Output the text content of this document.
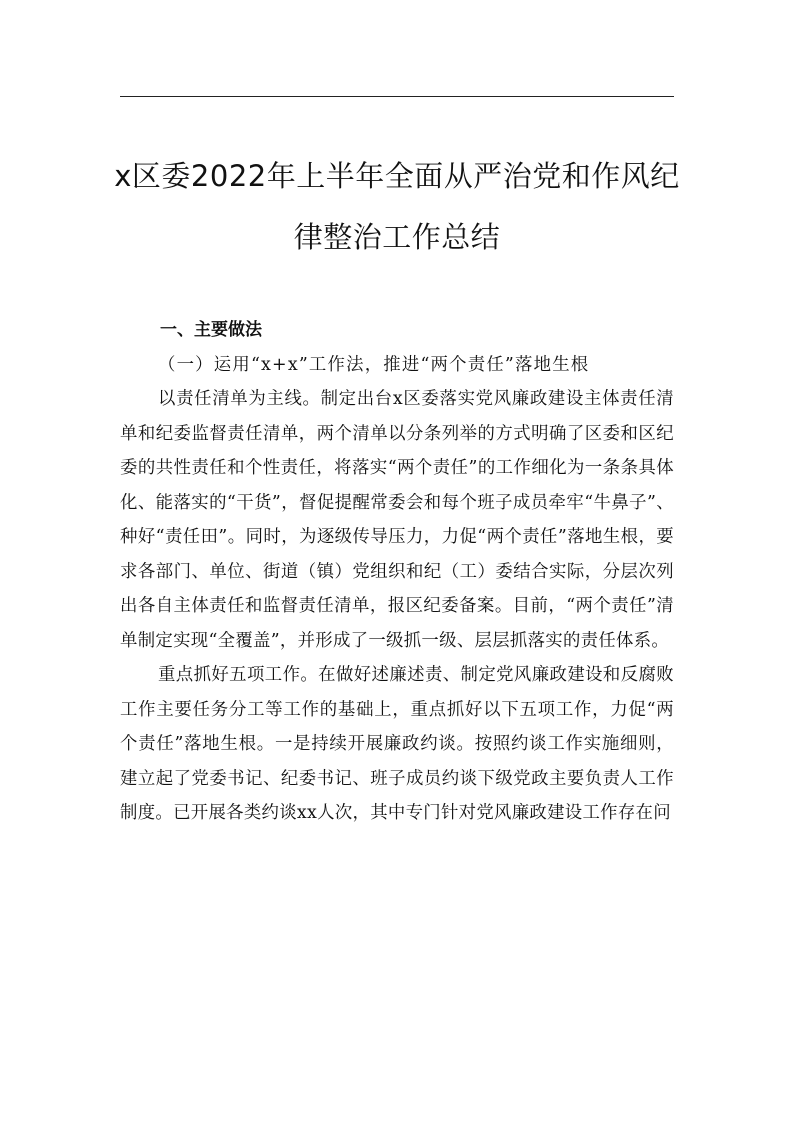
x区委2022年上半年全面从严治党和作风纪
律整治工作总结
一、主要做法

（一）运用“x+x”工作法，推进“两个责任”落地生根

以责任清单为主线。制定出台x区委落实党风廉政建设主体责任清单和纪委监督责任清单，两个清单以分条列举的方式明确了区委和区纪委的共性责任和个性责任，将落实“两个责任”的工作细化为一条条具体化、能落实的“干货”，督促提醒常委会和每个班子成员牵牢“牛鼻子”、种好“责任田”。同时，为逐级传导压力，力促“两个责任”落地生根，要求各部门、单位、街道（镇）党组织和纪（工）委结合实际，分层次列出各自主体责任和监督责任清单，报区纪委备案。目前，“两个责任”清单制定实现“全覆盖”，并形成了一级抓一级、层层抓落实的责任体系。

重点抓好五项工作。在做好述廉述责、制定党风廉政建设和反腐败工作主要任务分工等工作的基础上，重点抓好以下五项工作，力促“两个责任”落地生根。一是持续开展廉政约谈。按照约谈工作实施细则，建立起了党委书记、纪委书记、班子成员约谈下级党政主要负责人工作制度。已开展各类约谈xx人次，其中专门针对党风廉政建设工作存在问
